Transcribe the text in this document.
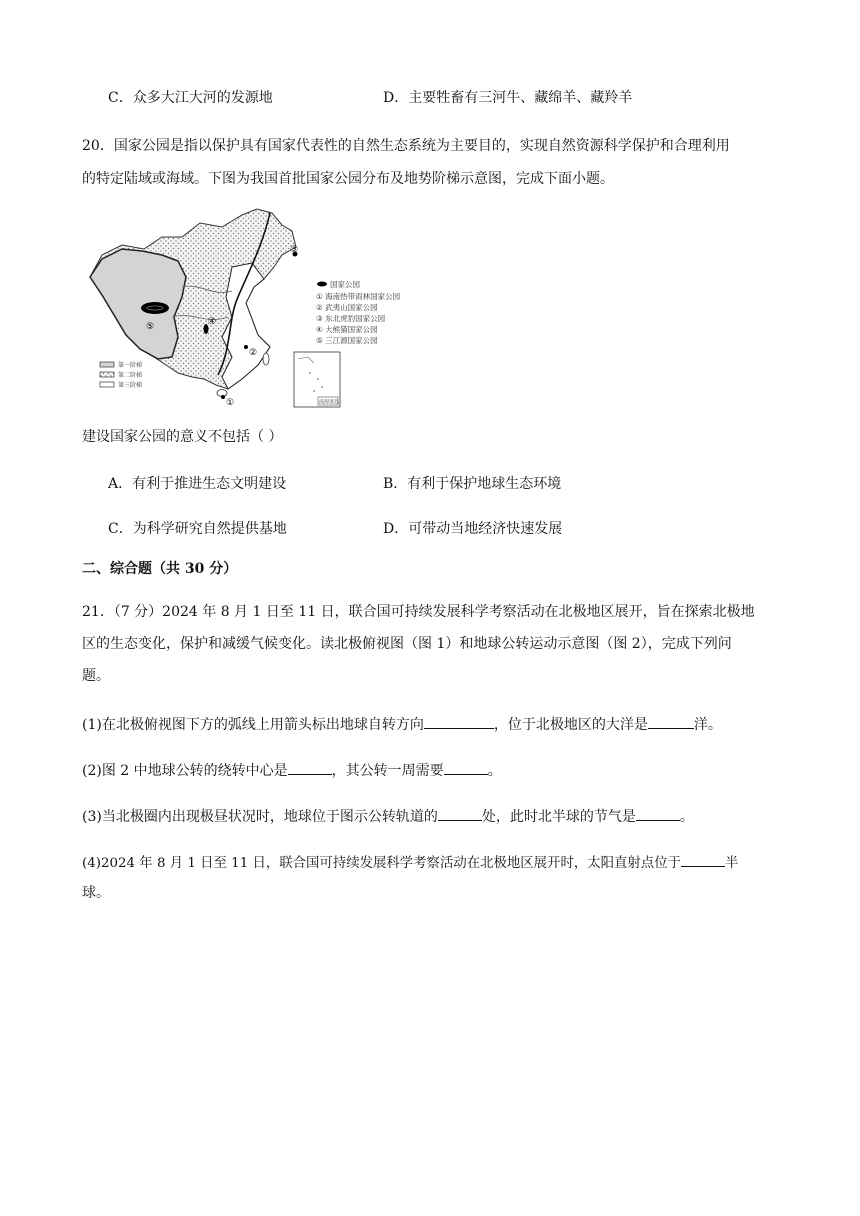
C．众多大江大河的发源地	D．主要牲畜有三河牛、藏绵羊、藏羚羊
20．国家公园是指以保护具有国家代表性的自然生态系统为主要目的，实现自然资源科学保护和合理利用
的特定陆域或海域。下图为我国首批国家公园分布及地势阶梯示意图，完成下面小题。
⑤	④
②
③
①
国家公园
① 海南热带雨林国家公园
② 武夷山国家公园
③ 东北虎豹国家公园
④ 大熊猫国家公园
⑤ 三江源国家公园
第一阶梯
第二阶梯
第三阶梯
南海诸岛
建设国家公园的意义不包括（ ）
A．有利于推进生态文明建设	B．有利于保护地球生态环境
C．为科学研究自然提供基地	D．可带动当地经济快速发展
二、综合题（共 30 分）
21．（7 分）2024 年 8 月 1 日至 11 日，联合国可持续发展科学考察活动在北极地区展开，旨在探索北极地
区的生态变化，保护和减缓气候变化。读北极俯视图（图 1）和地球公转运动示意图（图 2），完成下列问
题。
(1)在北极俯视图下方的弧线上用箭头标出地球自转方向	，位于北极地区的大洋是	洋。
(2)图 2 中地球公转的绕转中心是	，其公转一周需要	。
(3)当北极圈内出现极昼状况时，地球位于图示公转轨道的	处，此时北半球的节气是	。
(4)2024 年 8 月 1 日至 11 日，联合国可持续发展科学考察活动在北极地区展开时，太阳直射点位于	半
球。
